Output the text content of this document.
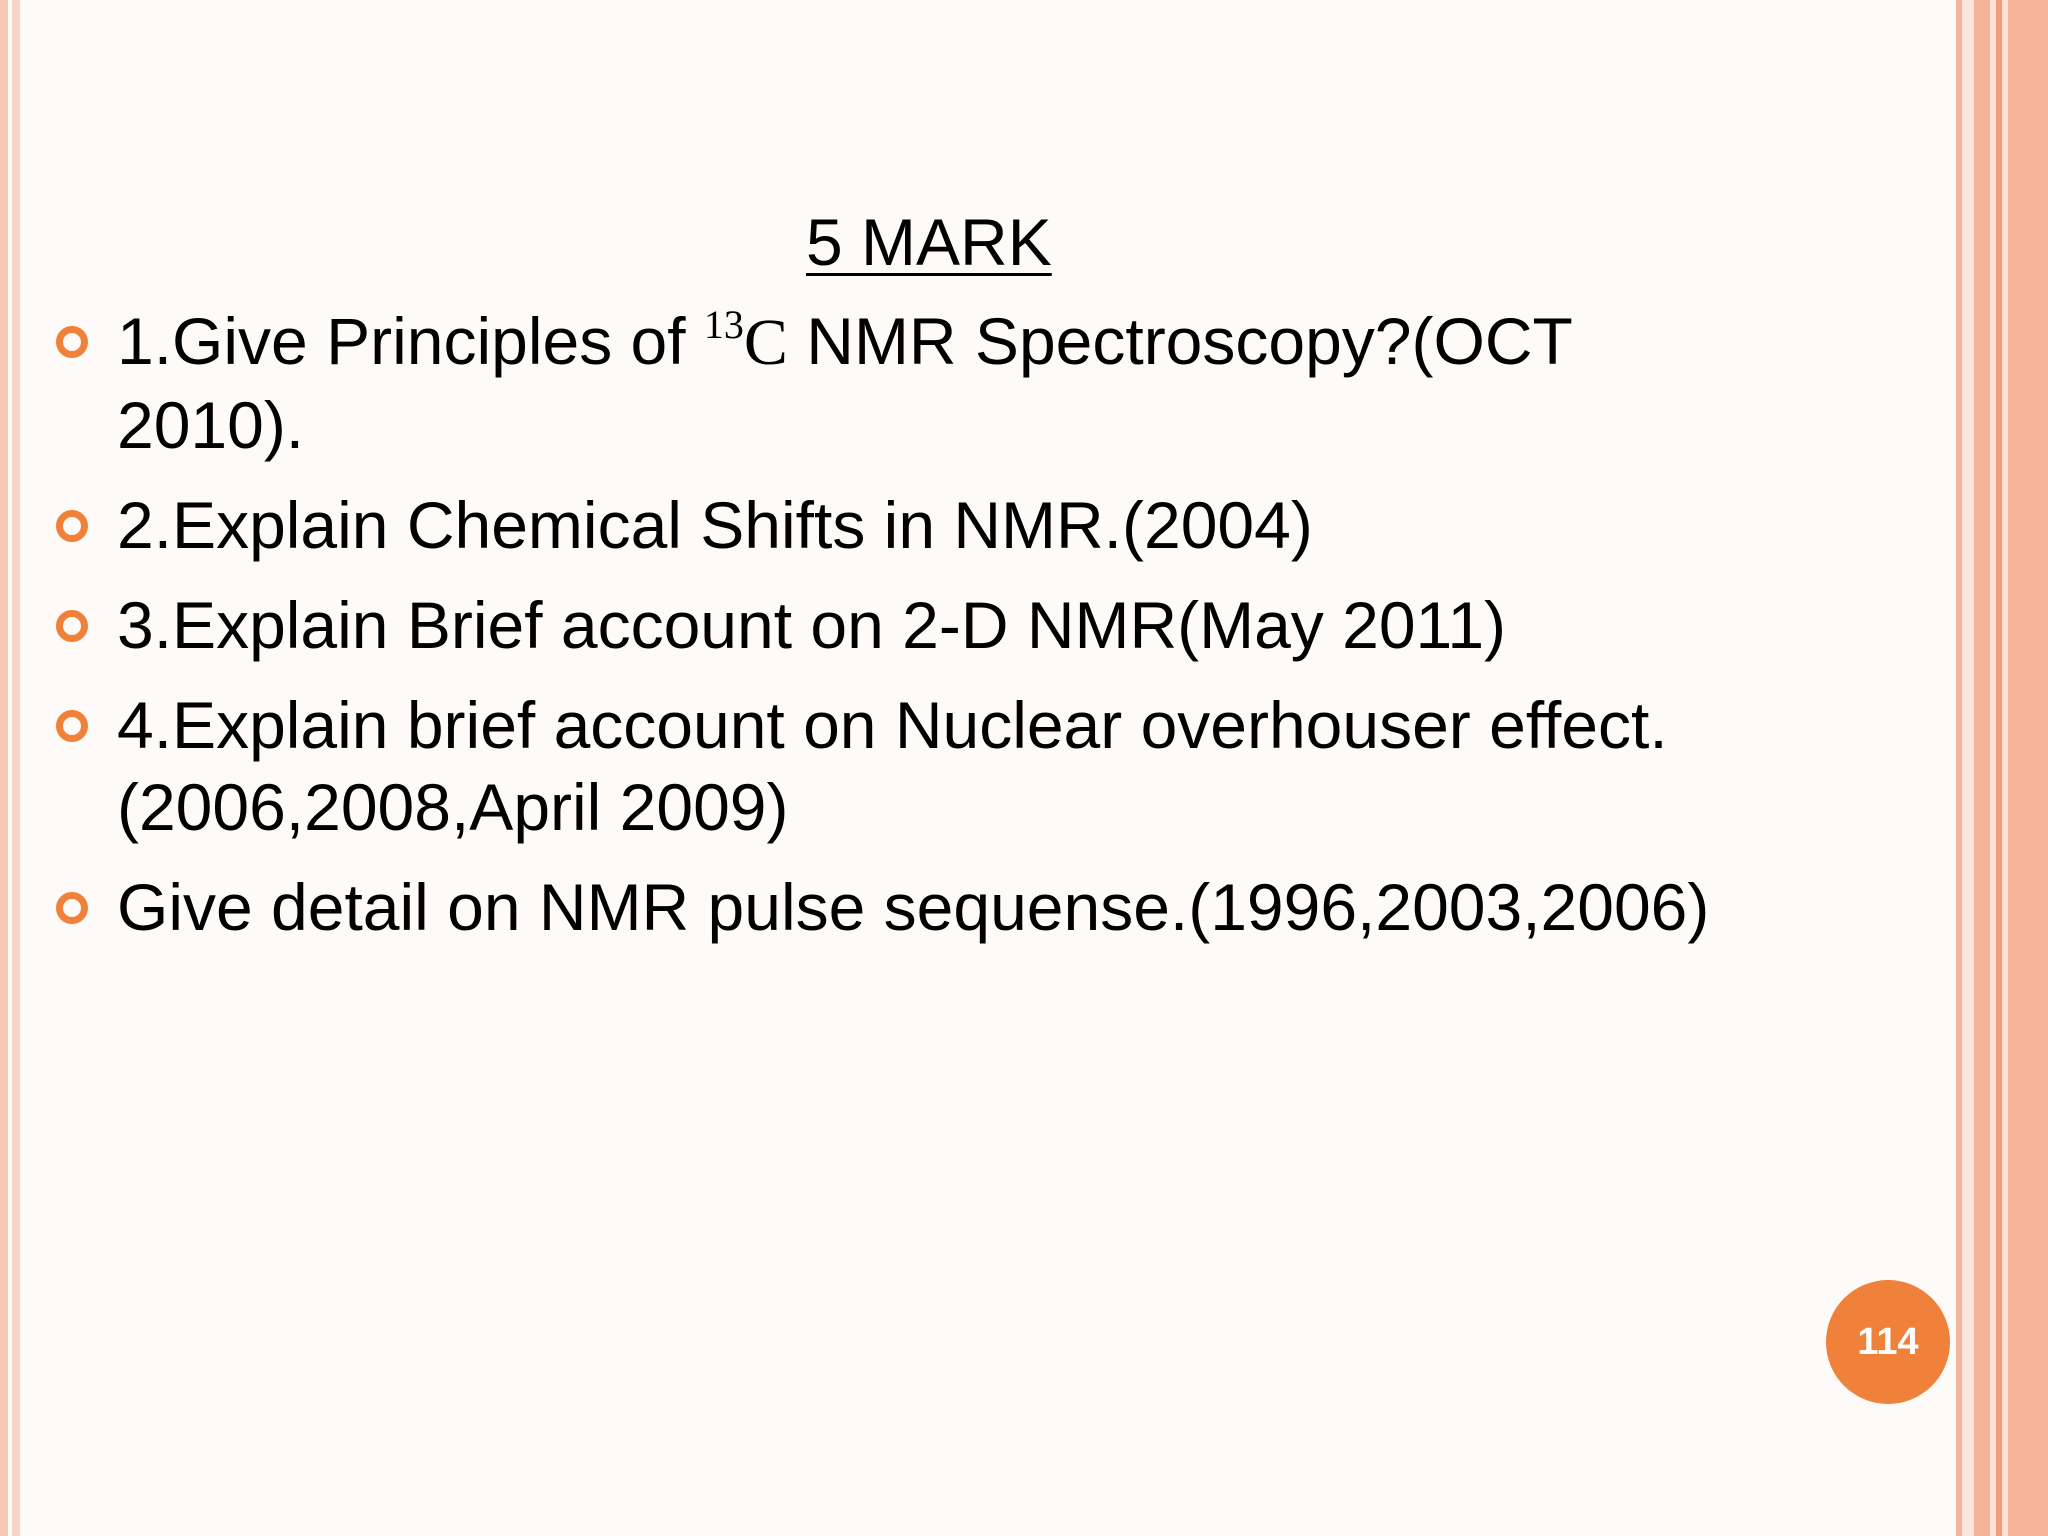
5 MARK
1.Give Principles of $^{13}$C NMR Spectroscopy?(OCT 2010).
2.Explain Chemical Shifts in NMR.(2004)
3.Explain Brief account on 2-D NMR(May 2011)
4.Explain brief account on Nuclear overhouser effect.(2006,2008,April 2009)
Give detail on NMR pulse sequense.(1996,2003,2006)
114
